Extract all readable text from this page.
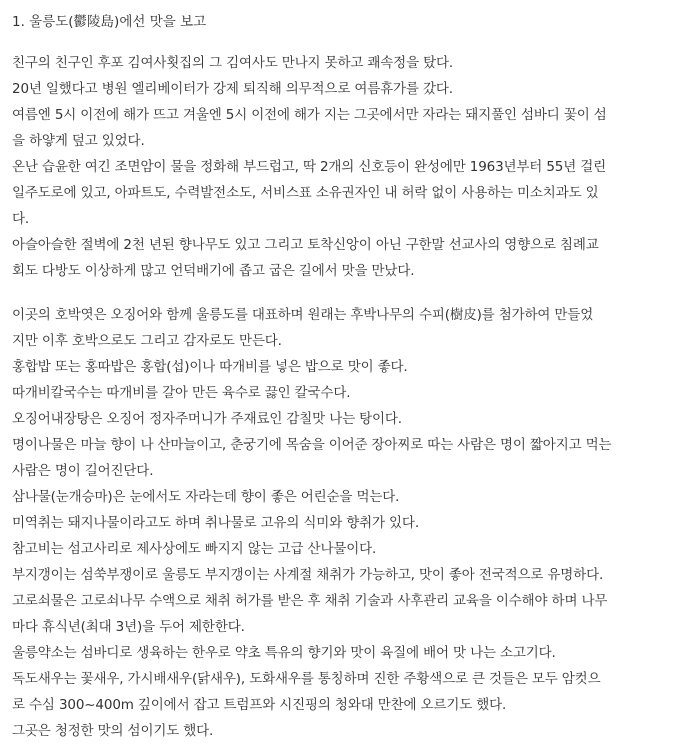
1. 울릉도(鬱陵島)에선 맛을 보고
친구의 친구인 후포 김여사횟집의 그 김여사도 만나지 못하고 쾌속정을 탔다.
20년 일했다고 병원 엘리베이터가 강제 퇴직해 의무적으로 여름휴가를 갔다.
여름엔 5시 이전에 해가 뜨고 겨울엔 5시 이전에 해가 지는 그곳에서만 자라는 돼지풀인 섬바디 꽃이 섬
을 하얗게 덮고 있었다.
온난 습윤한 여긴 조면암이 물을 정화해 부드럽고, 딱 2개의 신호등이 완성에만 1963년부터 55년 걸린
일주도로에 있고, 아파트도, 수력발전소도, 서비스표 소유권자인 내 허락 없이 사용하는 미소치과도 있
다.
아슬아슬한 절벽에 2천 년된 향나무도 있고 그리고 토착신앙이 아닌 구한말 선교사의 영향으로 침례교
회도 다방도 이상하게 많고 언덕배기에 좁고 굽은 길에서 맛을 만났다.
이곳의 호박엿은 오징어와 함께 울릉도를 대표하며 원래는 후박나무의 수피(樹皮)를 첨가하여 만들었
지만 이후 호박으로도 그리고 감자로도 만든다.
홍합밥 또는 홍따밥은 홍합(섭)이나 따개비를 넣은 밥으로 맛이 좋다.
따개비칼국수는 따개비를 갈아 만든 육수로 끓인 칼국수다.
오징어내장탕은 오징어 정자주머니가 주재료인 감칠맛 나는 탕이다.
명이나물은 마늘 향이 나 산마늘이고, 춘궁기에 목숨을 이어준 장아찌로 따는 사람은 명이 짧아지고 먹는
사람은 명이 길어진단다.
삼나물(눈개승마)은 눈에서도 자라는데 향이 좋은 어린순을 먹는다.
미역취는 돼지나물이라고도 하며 취나물로 고유의 식미와 향취가 있다.
참고비는 섬고사리로 제사상에도 빠지지 않는 고급 산나물이다.
부지갱이는 섬쑥부쟁이로 울릉도 부지갱이는 사계절 채취가 가능하고, 맛이 좋아 전국적으로 유명하다.
고로쇠물은 고로쇠나무 수액으로 채취 허가를 받은 후 채취 기술과 사후관리 교육을 이수해야 하며 나무
마다 휴식년(최대 3년)을 두어 제한한다.
울릉약소는 섬바디로 생육하는 한우로 약초 특유의 향기와 맛이 육질에 배어 맛 나는 소고기다.
독도새우는 꽃새우, 가시배새우(닭새우), 도화새우를 통칭하며 진한 주황색으로 큰 것들은 모두 암컷으
로 수심 300~400m 깊이에서 잡고 트럼프와 시진핑의 청와대 만찬에 오르기도 했다.
그곳은 청정한 맛의 섬이기도 했다.
